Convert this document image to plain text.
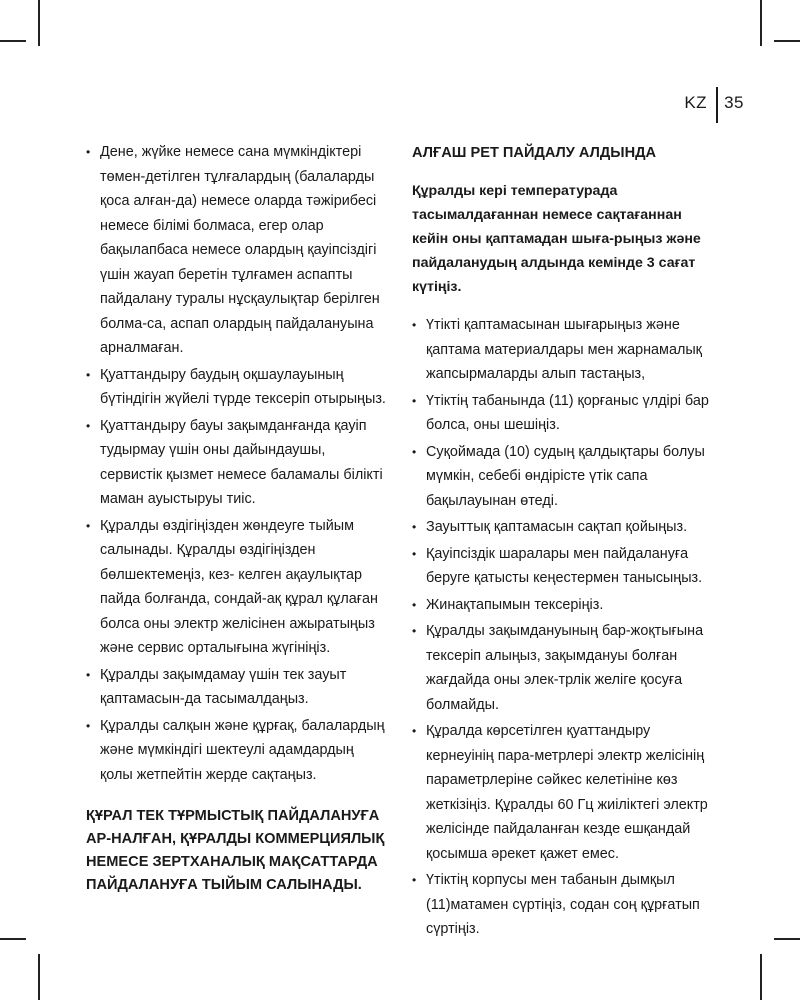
KZ	35
• Дене, жүйке немесе сана мүмкіндіктері төмен-детілген тұлғалардың (балаларды қоса алған-да) немесе оларда тәжірибесі немесе білімі болмаса, егер олар бақылапбаса немесе олардың қауіпсіздігі үшін жауап беретін тұлғамен аспапты пайдалану туралы нұсқаулықтар берілген болма-са, аспап олардың пайдалануына арналмаған.
• Қуаттандыру баудың оқшаулауының бүтіндігін жүйелі түрде тексеріп отырыңыз.
• Қуаттандыру бауы зақымданғанда қауіп тудырмау үшін оны дайындаушы, сервистік қызмет немесе баламалы білікті маман ауыстыруы тиіс.
• Құралды өздігіңізден жөндеуге тыйым салынады. Құралды өздігіңізден бөлшектемеңіз, кез- келген ақаулықтар пайда болғанда, сондай-ақ құрал құлаған болса оны электр желісінен ажыратыңыз және сервис орталығына жүгініңіз.
• Құралды зақымдамау үшін тек зауыт қаптамасын-да тасымалдаңыз.
• Құралды салқын және құрғақ, балалардың және мүмкіндігі шектеулі адамдардың қолы жетпейтін жерде сақтаңыз.
ҚҰРАЛ ТЕК ТҰРМЫСТЫҚ ПАЙДАЛАНУҒА АР-НАЛҒАН, ҚҰРАЛДЫ КОММЕРЦИЯЛЫҚ НЕМЕСЕ ЗЕРТХАНАЛЫҚ МАҚСАТТАРДА ПАЙДАЛАНУҒА ТЫЙЫМ САЛЫНАДЫ.
АЛҒАШ РЕТ ПАЙДАЛУ АЛДЫНДА
Құралды кері температурада тасымалдағаннан немесе сақтағаннан кейін оны қаптамадан шыға-рыңыз және пайдаланудың алдында кемінде 3 сағат күтіңіз.
• Үтікті қаптамасынан шығарыңыз және қаптама материалдары мен жарнамалық жапсырмаларды алып тастаңыз,
• Үтіктің табанында (11) қорғаныс үлдірі бар болса, оны шешіңіз.
• Суқоймада (10) судың қалдықтары болуы мүмкін, себебі өндірісте үтік сапа бақылауынан өтеді.
• Зауыттық қаптамасын сақтап қойыңыз.
• Қауіпсіздік шаралары мен пайдалануға беруге қатысты кеңестермен танысыңыз.
• Жинақтапымын тексеріңіз.
• Құралды зақымдануының бар-жоқтығына тексеріп алыңыз, зақымдануы болған жағдайда оны элек-трлік желіге қосуға болмайды.
• Құралда көрсетілген қуаттандыру кернеуінің пара-метрлері электр желісінің параметрлеріне сәйкес келетініне көз жеткізіңіз. Құралды 60 Гц жиіліктегі электр желісінде пайдаланған кезде ешқандай қосымша әрекет қажет емес.
• Үтіктің корпусы мен табанын дымқыл (11)матамен сүртіңіз, содан соң құрғатып сүртіңіз.
